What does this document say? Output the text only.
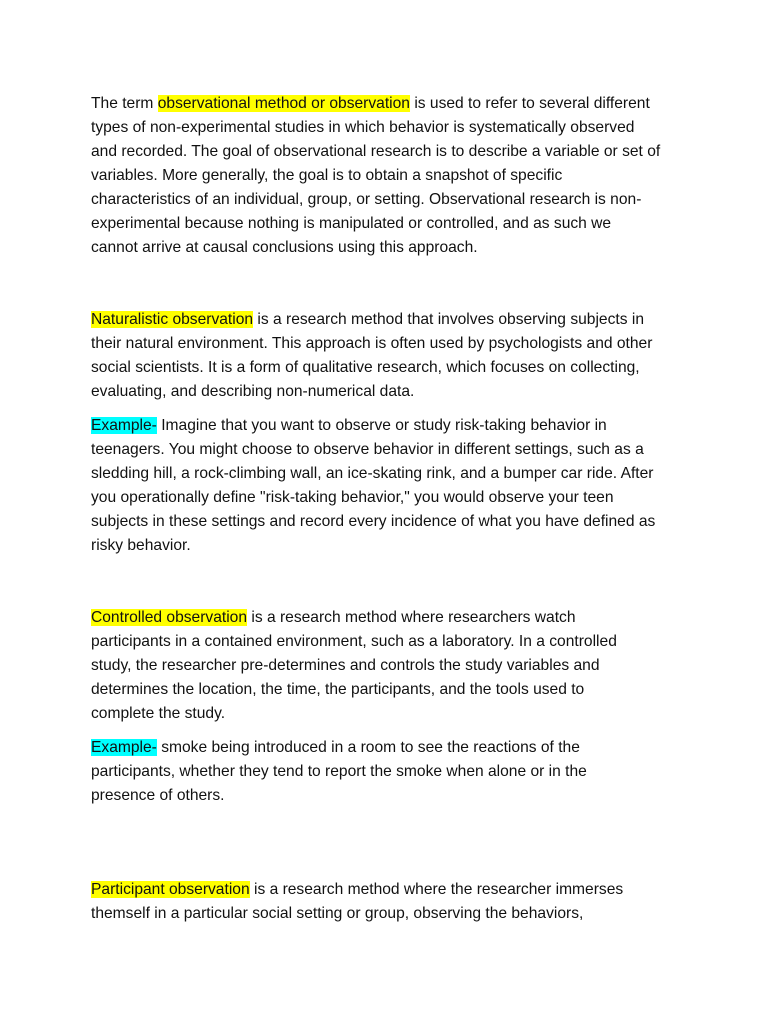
The term observational method or observation is used to refer to several different
types of non-experimental studies in which behavior is systematically observed
and recorded. The goal of observational research is to describe a variable or set of
variables. More generally, the goal is to obtain a snapshot of specific
characteristics of an individual, group, or setting. Observational research is non-
experimental because nothing is manipulated or controlled, and as such we
cannot arrive at causal conclusions using this approach.

Naturalistic observation is a research method that involves observing subjects in
their natural environment. This approach is often used by psychologists and other
social scientists. It is a form of qualitative research, which focuses on collecting,
evaluating, and describing non-numerical data.

Example- Imagine that you want to observe or study risk-taking behavior in
teenagers. You might choose to observe behavior in different settings, such as a
sledding hill, a rock-climbing wall, an ice-skating rink, and a bumper car ride. After
you operationally define "risk-taking behavior," you would observe your teen
subjects in these settings and record every incidence of what you have defined as
risky behavior.

Controlled observation is a research method where researchers watch
participants in a contained environment, such as a laboratory. In a controlled
study, the researcher pre-determines and controls the study variables and
determines the location, the time, the participants, and the tools used to
complete the study.

Example- smoke being introduced in a room to see the reactions of the
participants, whether they tend to report the smoke when alone or in the
presence of others.

Participant observation is a research method where the researcher immerses
themself in a particular social setting or group, observing the behaviors,
